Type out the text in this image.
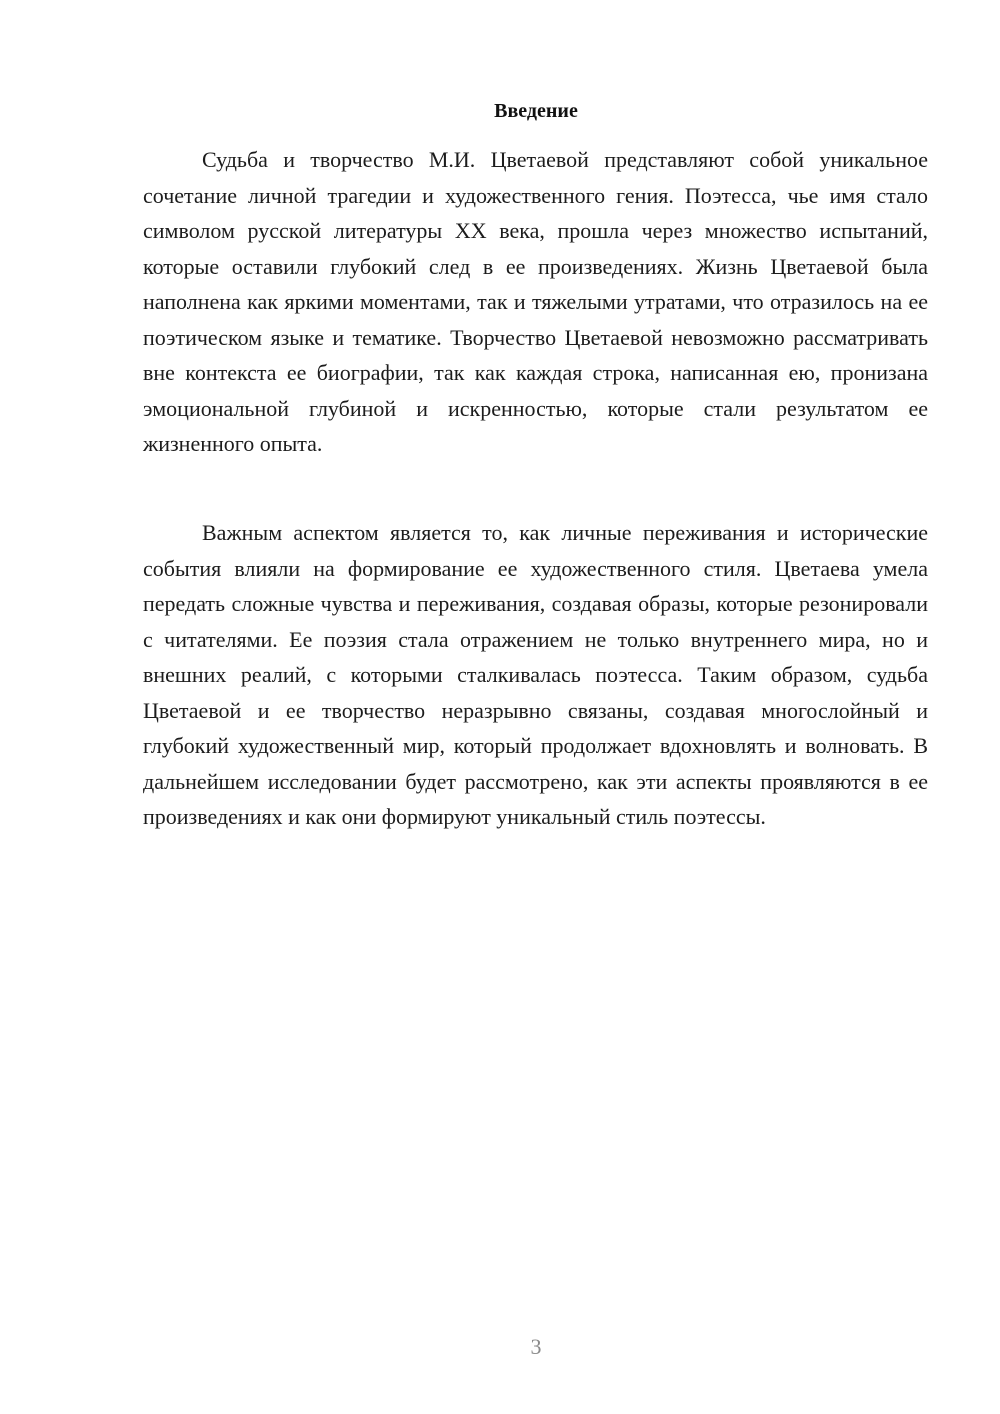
Введение

Судьба и творчество М.И. Цветаевой представляют собой уникальное сочетание личной трагедии и художественного гения. Поэтесса, чье имя стало символом русской литературы XX века, прошла через множество испытаний, которые оставили глубокий след в ее произведениях. Жизнь Цветаевой была наполнена как яркими моментами, так и тяжелыми утратами, что отразилось на ее поэтическом языке и тематике. Творчество Цветаевой невозможно рассматривать вне контекста ее биографии, так как каждая строка, написанная ею, пронизана эмоциональной глубиной и искренностью, которые стали результатом ее жизненного опыта.

Важным аспектом является то, как личные переживания и исторические события влияли на формирование ее художественного стиля. Цветаева умела передать сложные чувства и переживания, создавая образы, которые резонировали с читателями. Ее поэзия стала отражением не только внутреннего мира, но и внешних реалий, с которыми сталкивалась поэтесса. Таким образом, судьба Цветаевой и ее творчество неразрывно связаны, создавая многослойный и глубокий художественный мир, который продолжает вдохновлять и волновать. В дальнейшем исследовании будет рассмотрено, как эти аспекты проявляются в ее произведениях и как они формируют уникальный стиль поэтессы.

3
